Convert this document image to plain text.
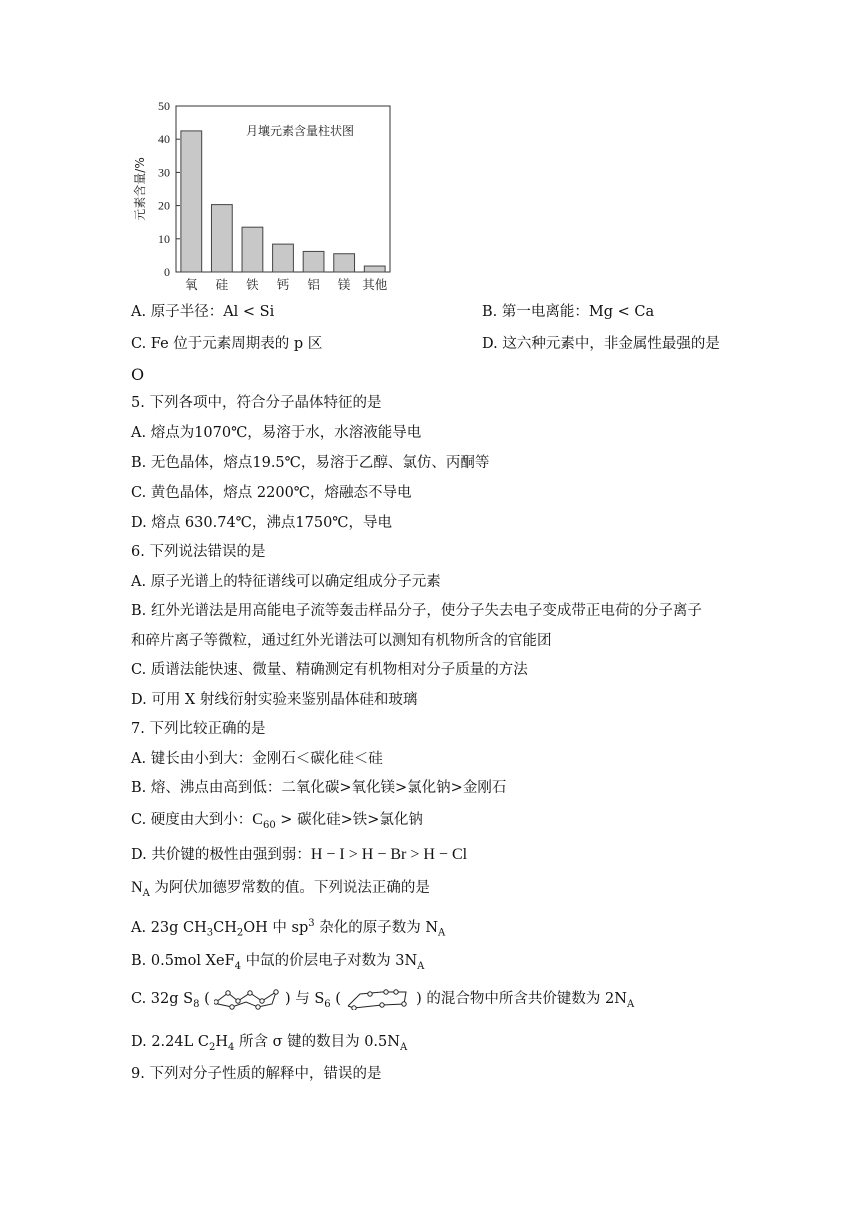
0
10
20
30
40
50
元素含量/%
月壤元素含量柱状图
氧 硅 铁 钙 铝 镁 其他
A. 原子半径：Al < Si	B. 第一电离能：Mg < Ca
C. Fe 位于元素周期表的 p 区	D. 这六种元素中，非金属性最强的是
O
5. 下列各项中，符合分子晶体特征的是
A. 熔点为1070℃，易溶于水，水溶液能导电
B. 无色晶体，熔点19.5℃，易溶于乙醇、氯仿、丙酮等
C. 黄色晶体，熔点 2200℃，熔融态不导电
D. 熔点 630.74℃，沸点1750℃，导电
6. 下列说法错误的是
A. 原子光谱上的特征谱线可以确定组成分子元素
B. 红外光谱法是用高能电子流等轰击样品分子，使分子失去电子变成带正电荷的分子离子
和碎片离子等微粒，通过红外光谱法可以测知有机物所含的官能团
C. 质谱法能快速、微量、精确测定有机物相对分子质量的方法
D. 可用 X 射线衍射实验来鉴别晶体硅和玻璃
7. 下列比较正确的是
A. 键长由小到大：金刚石＜碳化硅＜硅
B. 熔、沸点由高到低：二氧化碳>氧化镁>氯化钠>金刚石
C. 硬度由大到小：$C_{60}$ > 碳化硅>铁>氯化钠
D. 共价键的极性由强到弱：H − I > H − Br > H − Cl
$N_A$ 为阿伏加德罗常数的值。下列说法正确的是
A. 23g $CH_3CH_2OH$ 中 $sp^3$ 杂化的原子数为 $N_A$
B. 0.5mol XeF$_4$ 中氙的价层电子对数为 $3N_A$
C. 32g $S_8$ (	) 与 $S_6$ (	) 的混合物中所含共价键数为 $2N_A$
D. 2.24L $C_2H_4$ 所含 σ 键的数目为 $0.5N_A$
9. 下列对分子性质的解释中，错误的是
